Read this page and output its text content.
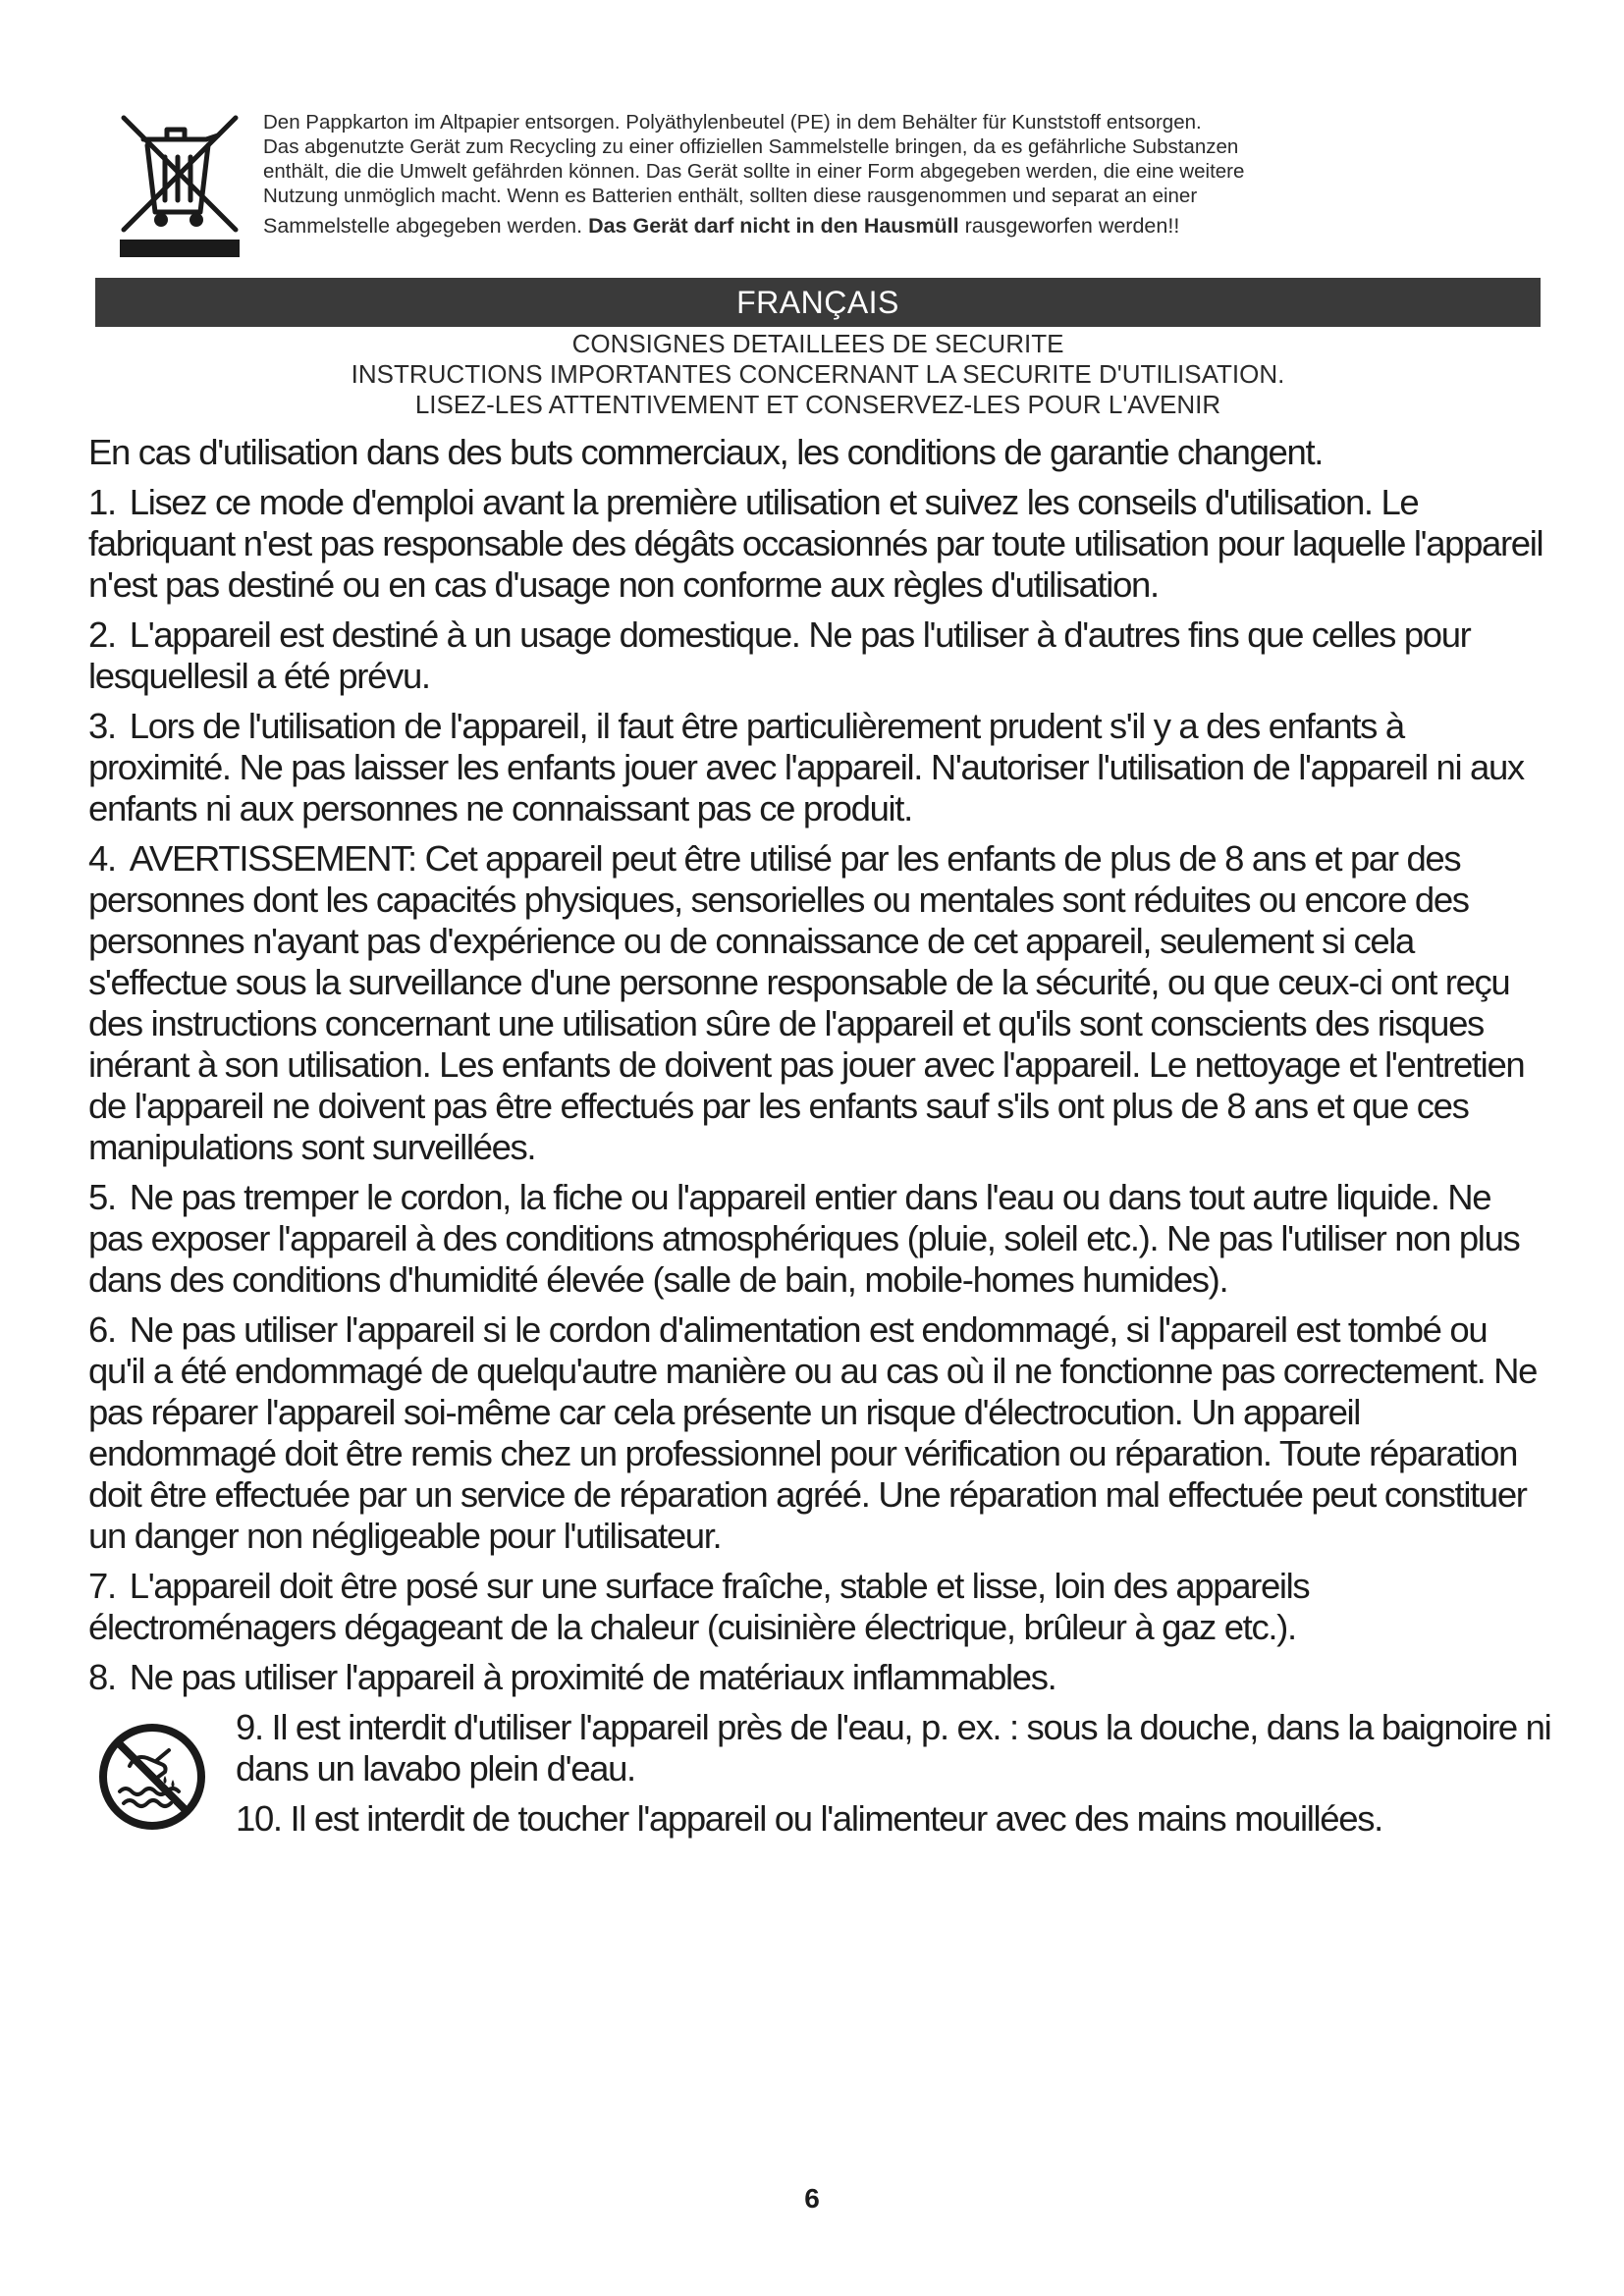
Den Pappkarton im Altpapier entsorgen. Polyäthylenbeutel (PE) in dem Behälter für Kunststoff entsorgen.

Das abgenutzte Gerät zum Recycling zu einer offiziellen Sammelstelle bringen, da es gefährliche Substanzen

enthält, die die Umwelt gefährden können. Das Gerät sollte in einer Form abgegeben werden, die eine weitere

Nutzung unmöglich macht. Wenn es Batterien enthält, sollten diese rausgenommen und separat an einer

Sammelstelle abgegeben werden. Das Gerät darf nicht in den Hausmüll rausgeworfen werden!!

FRANÇAIS
CONSIGNES DETAILLEES DE SECURITE
INSTRUCTIONS IMPORTANTES CONCERNANT LA SECURITE D'UTILISATION.
LISEZ-LES ATTENTIVEMENT ET CONSERVEZ-LES POUR L'AVENIR

En cas d'utilisation dans des buts commerciaux, les conditions de garantie changent.

1. Lisez ce mode d'emploi avant la première utilisation et suivez les conseils d'utilisation. Le fabriquant n'est pas responsable des dégâts occasionnés par toute utilisation pour laquelle l'appareil n'est pas destiné ou en cas d'usage non conforme aux règles d'utilisation.

2. L'appareil est destiné à un usage domestique. Ne pas l'utiliser à d'autres fins que celles pour lesquellesil a été prévu.

3. Lors de l'utilisation de l'appareil, il faut être particulièrement prudent s'il y a des enfants à proximité. Ne pas laisser les enfants jouer avec l'appareil. N'autoriser l'utilisation de l'appareil ni aux enfants ni aux personnes ne connaissant pas ce produit.

4. AVERTISSEMENT: Cet appareil peut être utilisé par les enfants de plus de 8 ans et par des personnes dont les capacités physiques, sensorielles ou mentales sont réduites ou encore des personnes n'ayant pas d'expérience ou de connaissance de cet appareil, seulement si cela s'effectue sous la surveillance d'une personne responsable de la sécurité, ou que ceux-ci ont reçu des instructions concernant une utilisation sûre de l'appareil et qu'ils sont conscients des risques inérant à son utilisation. Les enfants de doivent pas jouer avec l'appareil. Le nettoyage et l'entretien de l'appareil ne doivent pas être effectués par les enfants sauf s'ils ont plus de 8 ans et que ces manipulations sont surveillées.

5. Ne pas tremper le cordon, la fiche ou l'appareil entier dans l'eau ou dans tout autre liquide. Ne pas exposer l'appareil à des conditions atmosphériques (pluie, soleil etc.). Ne pas l'utiliser non plus dans des conditions d'humidité élevée (salle de bain, mobile-homes humides).

6. Ne pas utiliser l'appareil si le cordon d'alimentation est endommagé, si l'appareil est tombé ou qu'il a été endommagé de quelqu'autre manière ou au cas où il ne fonctionne pas correctement. Ne pas réparer l'appareil soi-même car cela présente un risque d'électrocution. Un appareil endommagé doit être remis chez un professionnel pour vérification ou réparation. Toute réparation doit être effectuée par un service de réparation agréé. Une réparation mal effectuée peut constituer un danger non négligeable pour l'utilisateur.

7. L'appareil doit être posé sur une surface fraîche, stable et lisse, loin des appareils électroménagers dégageant de la chaleur (cuisinière électrique, brûleur à gaz etc.).

8. Ne pas utiliser l'appareil à proximité de matériaux inflammables.

9. Il est interdit d'utiliser l'appareil près de l'eau, p. ex. : sous la douche, dans la baignoire ni dans un lavabo plein d'eau.

10. Il est interdit de toucher l'appareil ou l'alimenteur avec des mains mouillées.

6
